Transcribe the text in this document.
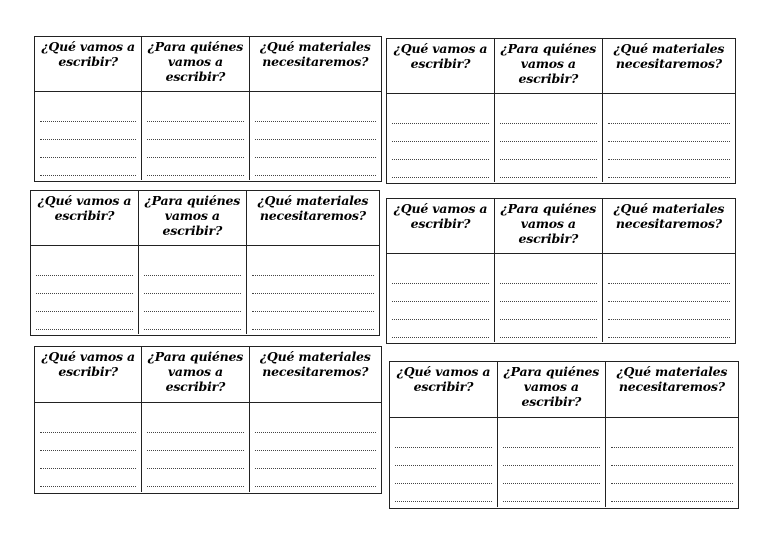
¿Qué vamos a escribir?
¿Para quiénes vamos a escribir?
¿Qué materiales necesitaremos?
¿Qué vamos a escribir?
¿Para quiénes vamos a escribir?
¿Qué materiales necesitaremos?
¿Qué vamos a escribir?
¿Para quiénes vamos a escribir?
¿Qué materiales necesitaremos?	¿Qué vamos a escribir?
¿Para quiénes vamos a escribir?
¿Qué materiales necesitaremos?
¿Qué vamos a escribir?
¿Para quiénes vamos a escribir?
¿Qué materiales necesitaremos?	¿Qué vamos a escribir?
¿Para quiénes vamos a escribir?
¿Qué materiales necesitaremos?
